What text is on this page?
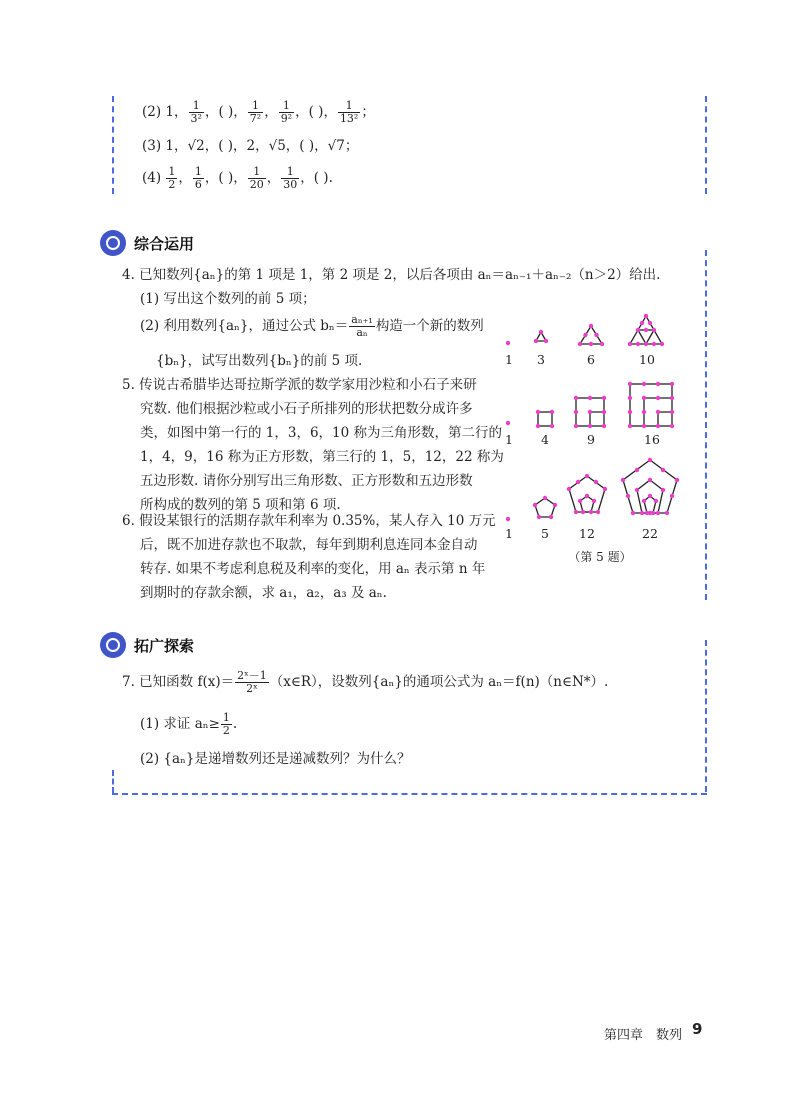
(2) 1， $\frac{1}{\text{3²}}$ ，( )， $\frac{1}{\text{7²}}$ ， $\frac{1}{\text{9²}}$ ，( )， $\frac{1}{\text{13²}}$ ；
(3) 1，√2，( )，2，√5，( )，√7；
$(4) \frac{1}{2}$ ， $\frac{1}{6}$ ，( )， $\frac{1}{20}$ ， $\frac{1}{30}$ ，( ).
综合运用
4. 已知数列{aₙ}的第 1 项是 1，第 2 项是 2，以后各项由 aₙ＝aₙ₋₁＋aₙ₋₂（n＞2）给出.
(1) 写出这个数列的前 5 项；
(2) 利用数列{aₙ}，通过公式 $b_n= \frac{\text{aₙ₊₁}}{\text{aₙ}}$ 构造一个新的数列
{bₙ}，试写出数列{bₙ}的前 5 项.
5. 传说古希腊毕达哥拉斯学派的数学家用沙粒和小石子来研
究数. 他们根据沙粒或小石子所排列的形状把数分成许多
类，如图中第一行的 1，3，6，10 称为三角形数，第二行的
1，4，9，16 称为正方形数，第三行的 1，5，12，22 称为
五边形数. 请你分别写出三角形数、正方形数和五边形数
所构成的数列的第 5 项和第 6 项.
6. 假设某银行的活期存款年利率为 0.35%，某人存入 10 万元
后，既不加进存款也不取款，每年到期利息连同本金自动
转存. 如果不考虑利息税及利率的变化，用 aₙ 表示第 n 年
到期时的存款余额，求 a₁，a₂，a₃ 及 aₙ.
1	3	6	10
1	4	9	16
1	5	12	22
（第 5 题）
拓广探索
7. 已知函数 $f(x)= \frac{\text{2ˣ－1}}{\text{2ˣ}}$ （x∈R），设数列{aₙ}的通项公式为 aₙ＝f(n)（n∈N*）.
(1) 求证 $a_n\ge \frac{1}{2}$ .
(2) {aₙ}是递增数列还是递减数列？为什么？
第四章　数列 9
